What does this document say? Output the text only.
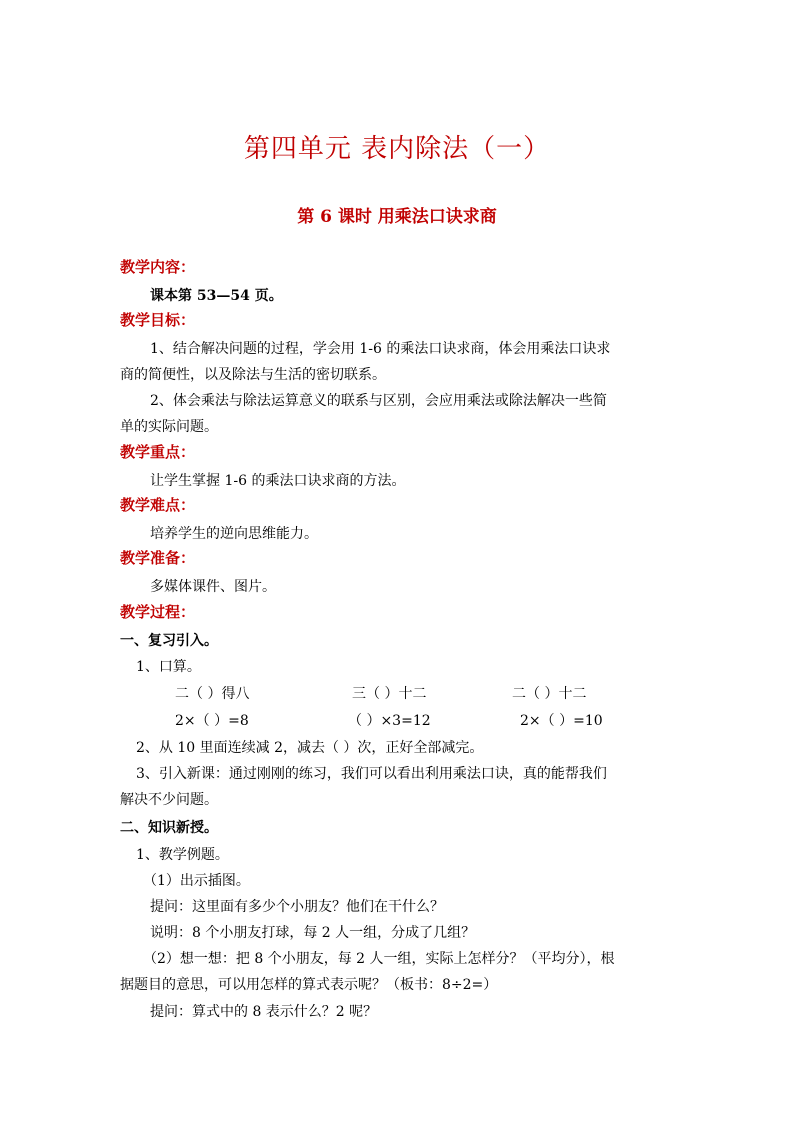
第四单元 表内除法（一）
第 6 课时 用乘法口诀求商
教学内容：
课本第 53—54 页。
教学目标：
1、结合解决问题的过程，学会用 1-6 的乘法口诀求商，体会用乘法口诀求
商的简便性，以及除法与生活的密切联系。
2、体会乘法与除法运算意义的联系与区别，会应用乘法或除法解决一些简
单的实际问题。
教学重点：
让学生掌握 1-6 的乘法口诀求商的方法。
教学难点：
培养学生的逆向思维能力。
教学准备：
多媒体课件、图片。
教学过程：
一、复习引入。
1、口算。
二（ ）得八	三（ ）十二	二（ ）十二
2×（ ）=8	（ ）×3=12	2×（ ）=10
2、从 10 里面连续减 2，减去（ ）次，正好全部减完。
3、引入新课：通过刚刚的练习，我们可以看出利用乘法口诀，真的能帮我们
解决不少问题。
二、知识新授。
1、教学例题。
（1）出示插图。
提问：这里面有多少个小朋友？他们在干什么？
说明：8 个小朋友打球，每 2 人一组，分成了几组？
（2）想一想：把 8 个小朋友，每 2 人一组，实际上怎样分？（平均分），根
据题目的意思，可以用怎样的算式表示呢？（板书：8÷2=）
提问：算式中的 8 表示什么？2 呢？
